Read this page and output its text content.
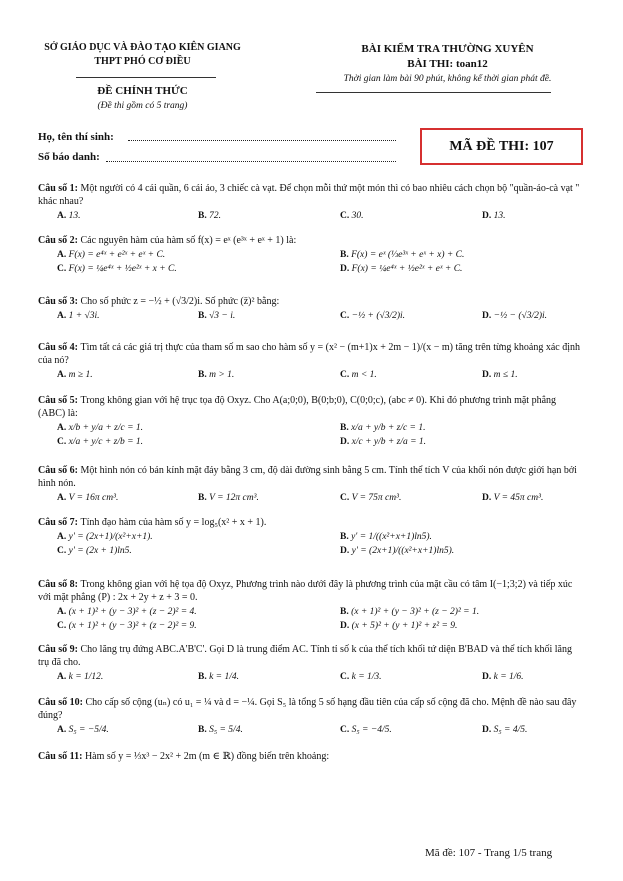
SỞ GIÁO DỤC VÀ ĐÀO TẠO KIÊN GIANG
THPT PHÓ CƠ ĐIỀU
ĐỀ CHÍNH THỨC
(Đề thi gồm có 5 trang)
BÀI KIỂM TRA THƯỜNG XUYÊN
BÀI THI: toan12
Thời gian làm bài 90 phút, không kể thời gian phát đề.
Họ, tên thí sinh:
Số báo danh:
MÃ ĐỀ THI: 107
Câu số 1: Một người có 4 cái quần, 6 cái áo, 3 chiếc cà vạt. Để chọn mỗi thứ một món thì có bao nhiêu cách chọn bộ "quần-áo-cà vạt " khác nhau?
A. 13.	B. 72.	C. 30.	D. 13.
Câu số 2: Các nguyên hàm của hàm số f(x) = eˣ (e³ˣ + eˣ + 1) là:
A. F(x) = e⁴ˣ + e²ˣ + eˣ + C.	B. F(x) = eˣ (⅓e³ˣ + eˣ + x) + C.
C. F(x) = ¼e⁴ˣ + ½e²ˣ + x + C.	D. F(x) = ¼e⁴ˣ + ½e²ˣ + eˣ + C.
Câu số 3: Cho số phức z = −½ + (√3/2)i. Số phức (z̄)² bằng:
A. 1 + √3i.	B. √3 − i.	C. −½ + (√3/2)i.	D. −½ − (√3/2)i.
Câu số 4: Tìm tất cả các giá trị thực của tham số m sao cho hàm số y = (x² − (m+1)x + 2m − 1)/(x − m) tăng trên từng khoảng xác định của nó?
A. m ≥ 1.	B. m > 1.	C. m < 1.	D. m ≤ 1.
Câu số 5: Trong không gian với hệ trục tọa độ Oxyz. Cho A(a;0;0), B(0;b;0), C(0;0;c), (abc ≠ 0). Khi đó phương trình mặt phẳng (ABC) là:
A. x/b + y/a + z/c = 1.	B. x/a + y/b + z/c = 1.
C. x/a + y/c + z/b = 1.	D. x/c + y/b + z/a = 1.
Câu số 6: Một hình nón có bán kính mặt đáy bằng 3 cm, độ dài đường sinh bằng 5 cm. Tính thể tích V của khối nón được giới hạn bởi hình nón.
A. V = 16π cm³.	B. V = 12π cm³.	C. V = 75π cm³.	D. V = 45π cm³.
Câu số 7: Tính đạo hàm của hàm số y = log₅(x² + x + 1).
A. y' = (2x+1)/(x²+x+1).	B. y' = 1/((x²+x+1)ln5).
C. y' = (2x + 1)ln5.	D. y' = (2x+1)/((x²+x+1)ln5).
Câu số 8: Trong không gian với hệ tọa độ Oxyz, Phương trình nào dưới đây là phương trình của mặt cầu có tâm I(−1;3;2) và tiếp xúc với mặt phẳng (P) : 2x + 2y + z + 3 = 0.
A. (x + 1)² + (y − 3)² + (z − 2)² = 4.	B. (x + 1)² + (y − 3)² + (z − 2)² = 1.
C. (x + 1)² + (y − 3)² + (z − 2)² = 9.	D. (x + 5)² + (y + 1)² + z² = 9.
Câu số 9: Cho lăng trụ đứng ABC.A'B'C'. Gọi D là trung điểm AC. Tính tỉ số k của thể tích khối tứ diện B'BAD và thể tích khối lăng trụ đã cho.
A. k = 1/12.	B. k = 1/4.	C. k = 1/3.	D. k = 1/6.
Câu số 10: Cho cấp số cộng (uₙ) có u₁ = ¼ và d = −¼. Gọi S₅ là tổng 5 số hạng đầu tiên của cấp số cộng đã cho. Mệnh đề nào sau đây đúng?
A. S₅ = −5/4.	B. S₅ = 5/4.	C. S₅ = −4/5.	D. S₅ = 4/5.
Câu số 11: Hàm số y = ⅓x³ − 2x² + 2m (m ∈ ℝ) đồng biến trên khoảng:
Mã đề: 107 - Trang 1/5 trang
